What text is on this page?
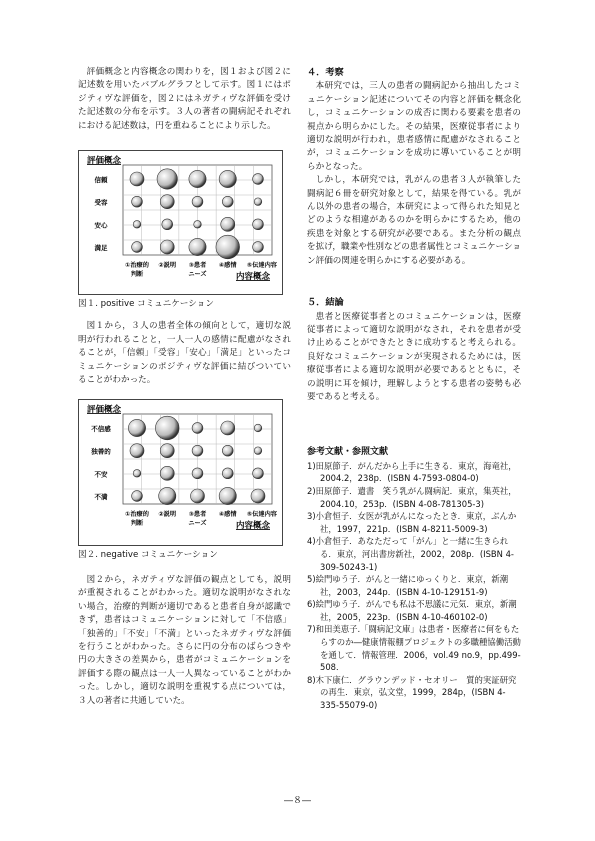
評価概念と内容概念の関わりを，図１および図２に記述数を用いたバブルグラフとして示す。図１にはポジティヴな評価を，図２にはネガティヴな評価を受けた記述数の分布を示す。３人の著者の闘病記それぞれにおける記述数は，円を重ねることにより示した。

評価概念
信頼
受容
安心
満足
①治療的
判断
②説明 ③患者
ニーズ
④感情 ⑤伝達内容
内容概念
図１. positive コミュニケーション

図１から，３人の患者全体の傾向として，適切な説明が行われることと，一人一人の感情に配慮がなされることが，「信頼」「受容」「安心」「満足」といったコミュニケーションのポジティヴな評価に結びついていることがわかった。

評価概念
不信感
独善的
不安
不満
①治療的
判断
②説明 ③患者
ニーズ
④感情 ⑤伝達内容
内容概念
図２. negative コミュニケーション

図２から，ネガティヴな評価の観点としても，説明が重視されることがわかった。適切な説明がなされない場合，治療的判断が適切であると患者自身が認識できず，患者はコミュニケーションに対して「不信感」「独善的」「不安」「不満」といったネガティヴな評価を行うことがわかった。さらに円の分布のばらつきや円の大きさの差異から，患者がコミュニケーションを評価する際の観点は一人一人異なっていることがわかった。しかし，適切な説明を重視する点については，３人の著者に共通していた。

４．考察

本研究では，三人の患者の闘病記から抽出したコミュニケーション記述についてその内容と評価を概念化し，コミュニケーションの成否に関わる要素を患者の視点から明らかにした。その結果，医療従事者により適切な説明が行われ，患者感情に配慮がなされることが，コミュニケーションを成功に導いていることが明らかとなった。

しかし，本研究では，乳がんの患者３人が執筆した闘病記６冊を研究対象として，結果を得ている。乳がん以外の患者の場合，本研究によって得られた知見とどのような相違があるのかを明らかにするため，他の疾患を対象とする研究が必要である。また分析の観点を拡げ，職業や性別などの患者属性とコミュニケーション評価の関連を明らかにする必要がある。

５．結論

患者と医療従事者とのコミュニケーションは，医療従事者によって適切な説明がなされ，それを患者が受け止めることができたときに成功すると考えられる。良好なコミュニケーションが実現されるためには，医療従事者による適切な説明が必要であるとともに，その説明に耳を傾け，理解しようとする患者の姿勢も必要であると考える。

参考文献・参照文献
1)田原節子．がんだから上手に生きる．東京，海竜社，2004.2，238p．(ISBN 4-7593-0804-0)
2)田原節子．遺書　笑う乳がん闘病記．東京，集英社，2004.10，253p．(ISBN 4-08-781305-3)
3)小倉恒子．女医が乳がんになったとき．東京，ぶんか社，1997，221p．(ISBN 4-8211-5009-3)
4)小倉恒子．あなただって「がん」と一緒に生きられる．東京，河出書房新社，2002，208p．(ISBN 4-309-50243-1)
5)絵門ゆう子．がんと一緒にゆっくりと．東京，新潮社，2003，244p．(ISBN 4-10-129151-9)
6)絵門ゆう子．がんでも私は不思議に元気．東京，新潮社，2005，223p．(ISBN 4-10-460102-0)
7)和田美恵子.「闘病記文庫」は患者・医療者に何をもたらすのか―健康情報棚プロジェクトの多職種協働活動を通して．情報管理．2006，vol.49 no.9，pp.499-508．
8)木下康仁．グラウンデッド・セオリー　質的実証研究の再生．東京，弘文堂，1999，284p，(ISBN 4-335-55079-0)
―８―
